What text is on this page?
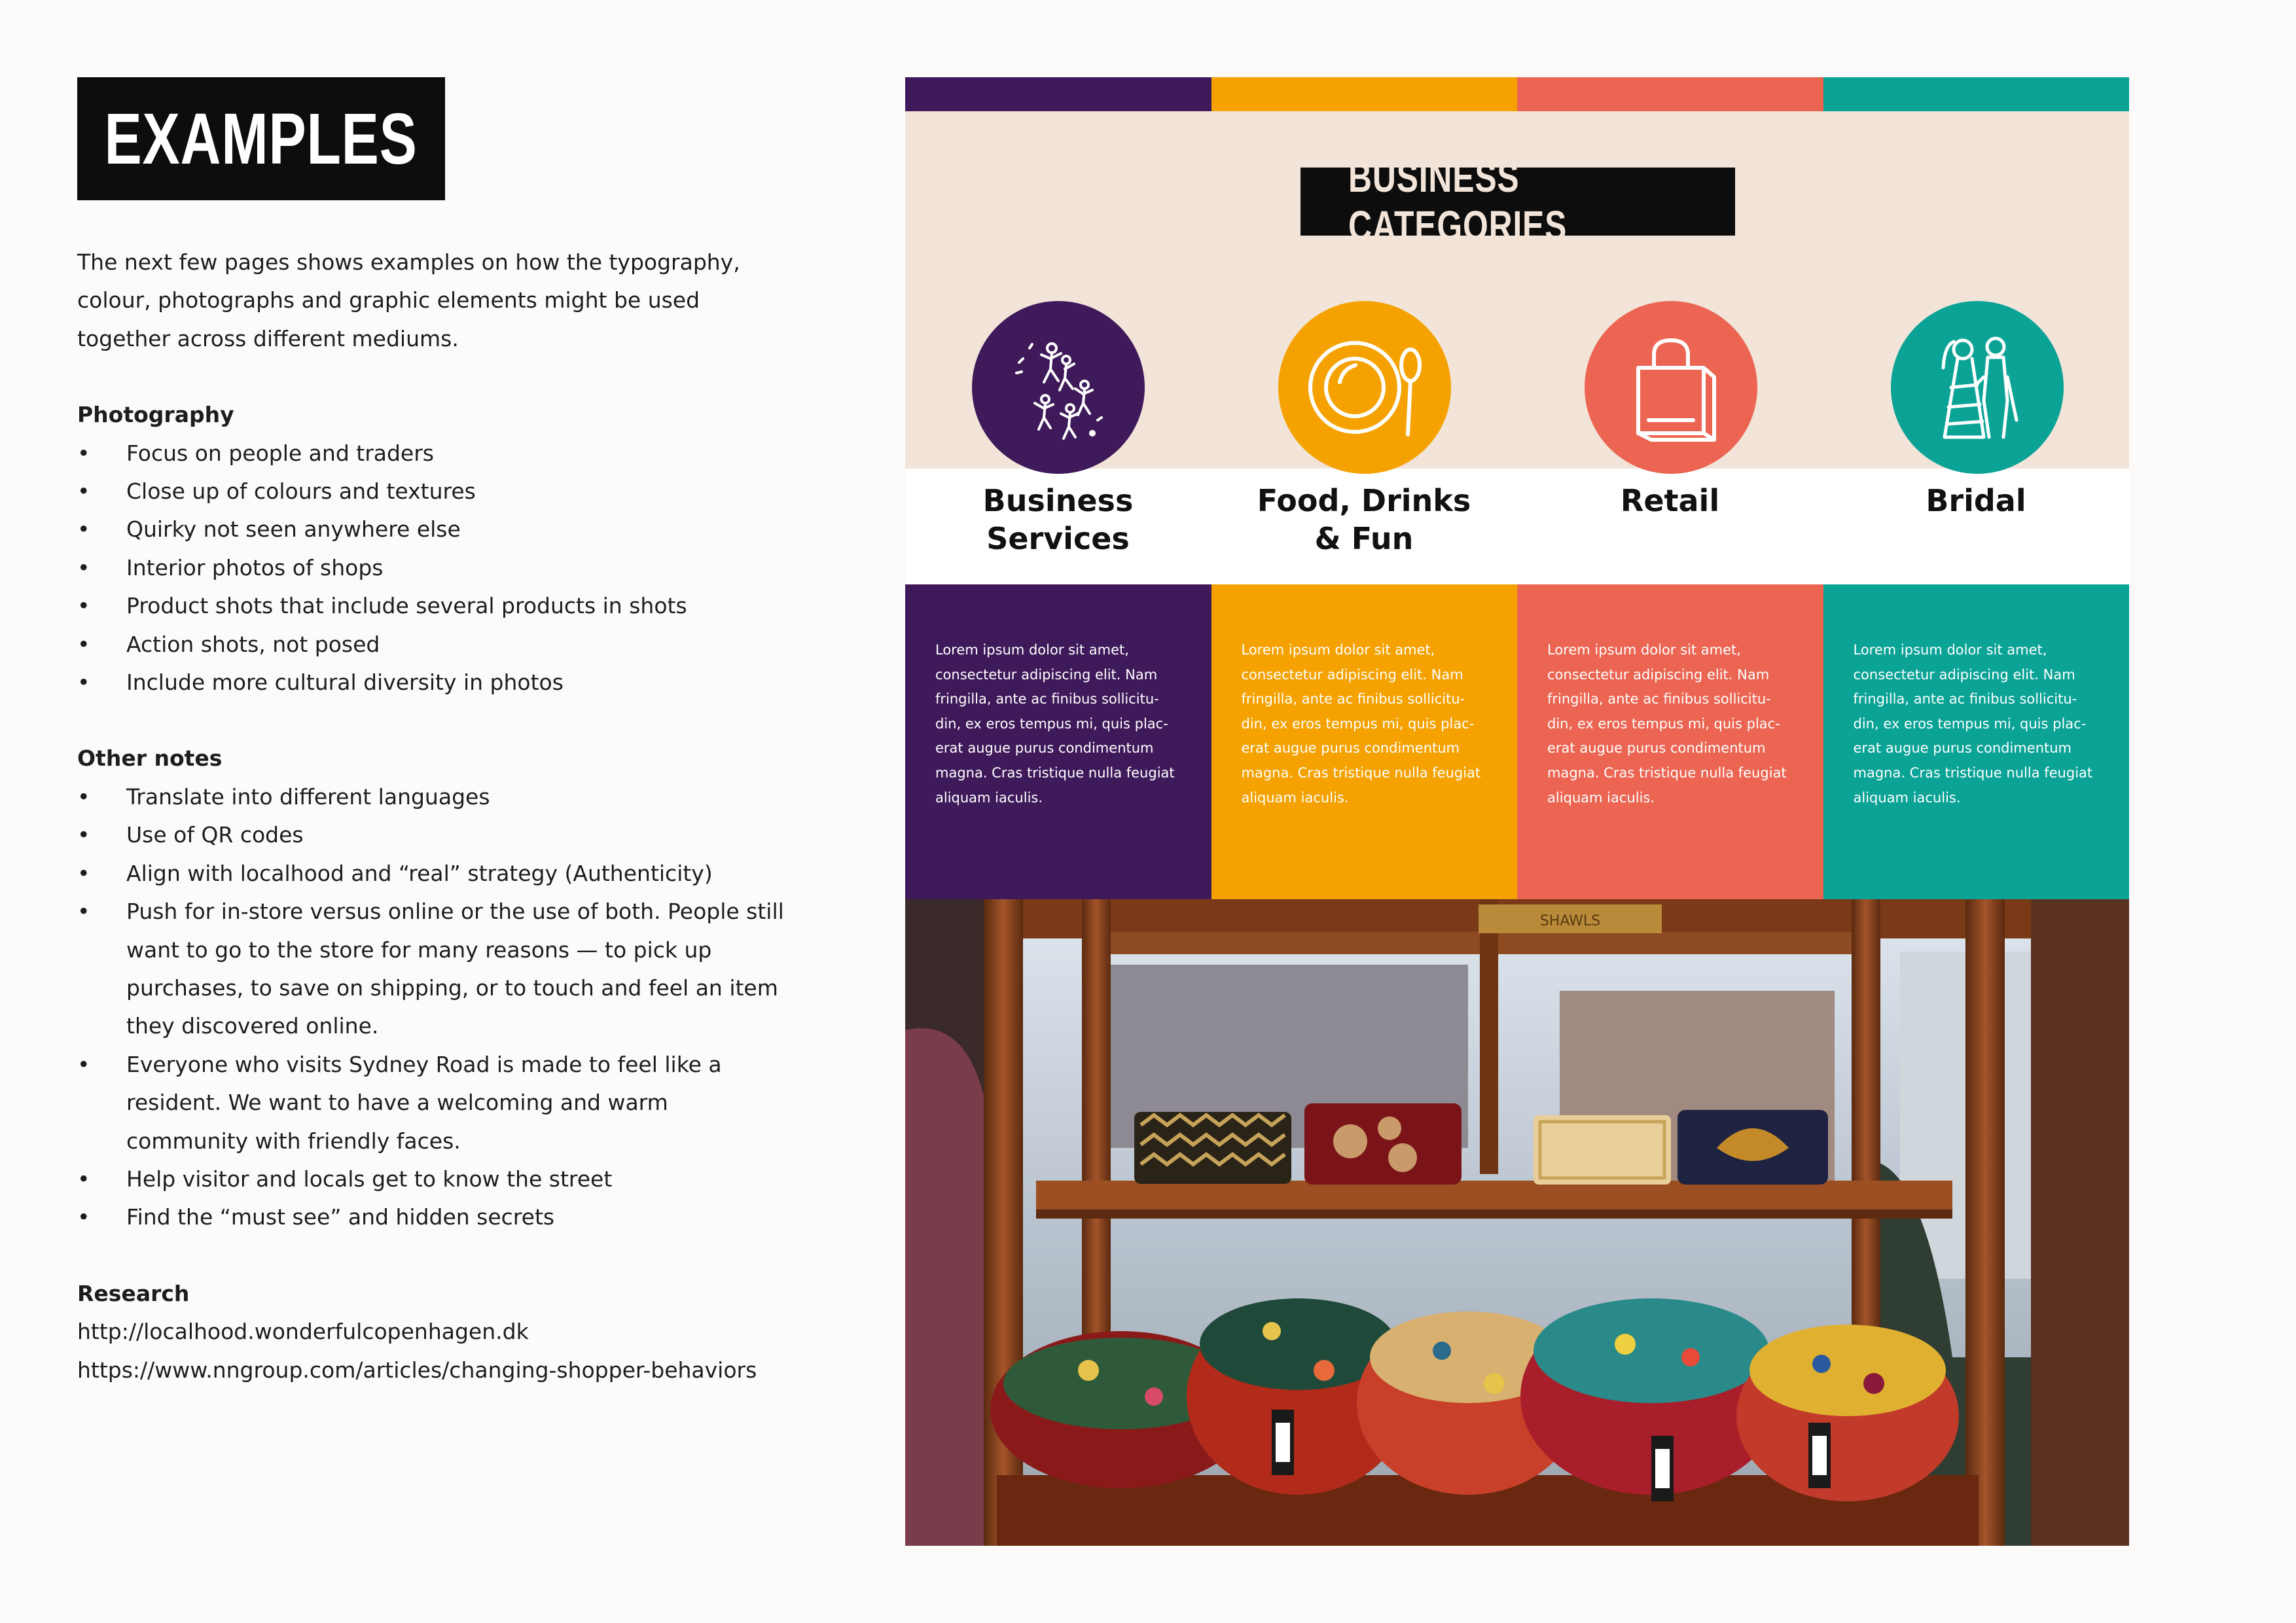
EXAMPLES

The next few pages shows examples on how the typography,

colour, photographs and graphic elements might be used

together across different mediums.

Photography

• Focus on people and traders
• Close up of colours and textures
• Quirky not seen anywhere else
• Interior photos of shops
• Product shots that include several products in shots
• Action shots, not posed
• Include more cultural diversity in photos

Other notes

• Translate into different languages
• Use of QR codes
• Align with localhood and “real” strategy (Authenticity)
• Push for in-store versus online or the use of both. People still
want to go to the store for many reasons — to pick up
purchases, to save on shipping, or to touch and feel an item
they discovered online.
• Everyone who visits Sydney Road is made to feel like a
resident. We want to have a welcoming and warm
community with friendly faces.
• Help visitor and locals get to know the street
• Find the “must see” and hidden secrets

Research

http://localhood.wonderfulcopenhagen.dk
https://www.nngroup.com/articles/changing-shopper-behaviors
BUSINESS CATEGORIES
Business
Services
Food, Drinks
& Fun
Retail	Bridal

Lorem ipsum dolor sit amet,
consectetur adipiscing elit. Nam
fringilla, ante ac finibus sollicitu-
din, ex eros tempus mi, quis plac-
erat augue purus condimentum
magna. Cras tristique nulla feugiat
aliquam iaculis.

Lorem ipsum dolor sit amet,
consectetur adipiscing elit. Nam
fringilla, ante ac finibus sollicitu-
din, ex eros tempus mi, quis plac-
erat augue purus condimentum
magna. Cras tristique nulla feugiat
aliquam iaculis.

Lorem ipsum dolor sit amet,
consectetur adipiscing elit. Nam
fringilla, ante ac finibus sollicitu-
din, ex eros tempus mi, quis plac-
erat augue purus condimentum
magna. Cras tristique nulla feugiat
aliquam iaculis.

Lorem ipsum dolor sit amet,
consectetur adipiscing elit. Nam
fringilla, ante ac finibus sollicitu-
din, ex eros tempus mi, quis plac-
erat augue purus condimentum
magna. Cras tristique nulla feugiat
aliquam iaculis.

SHAWLS
